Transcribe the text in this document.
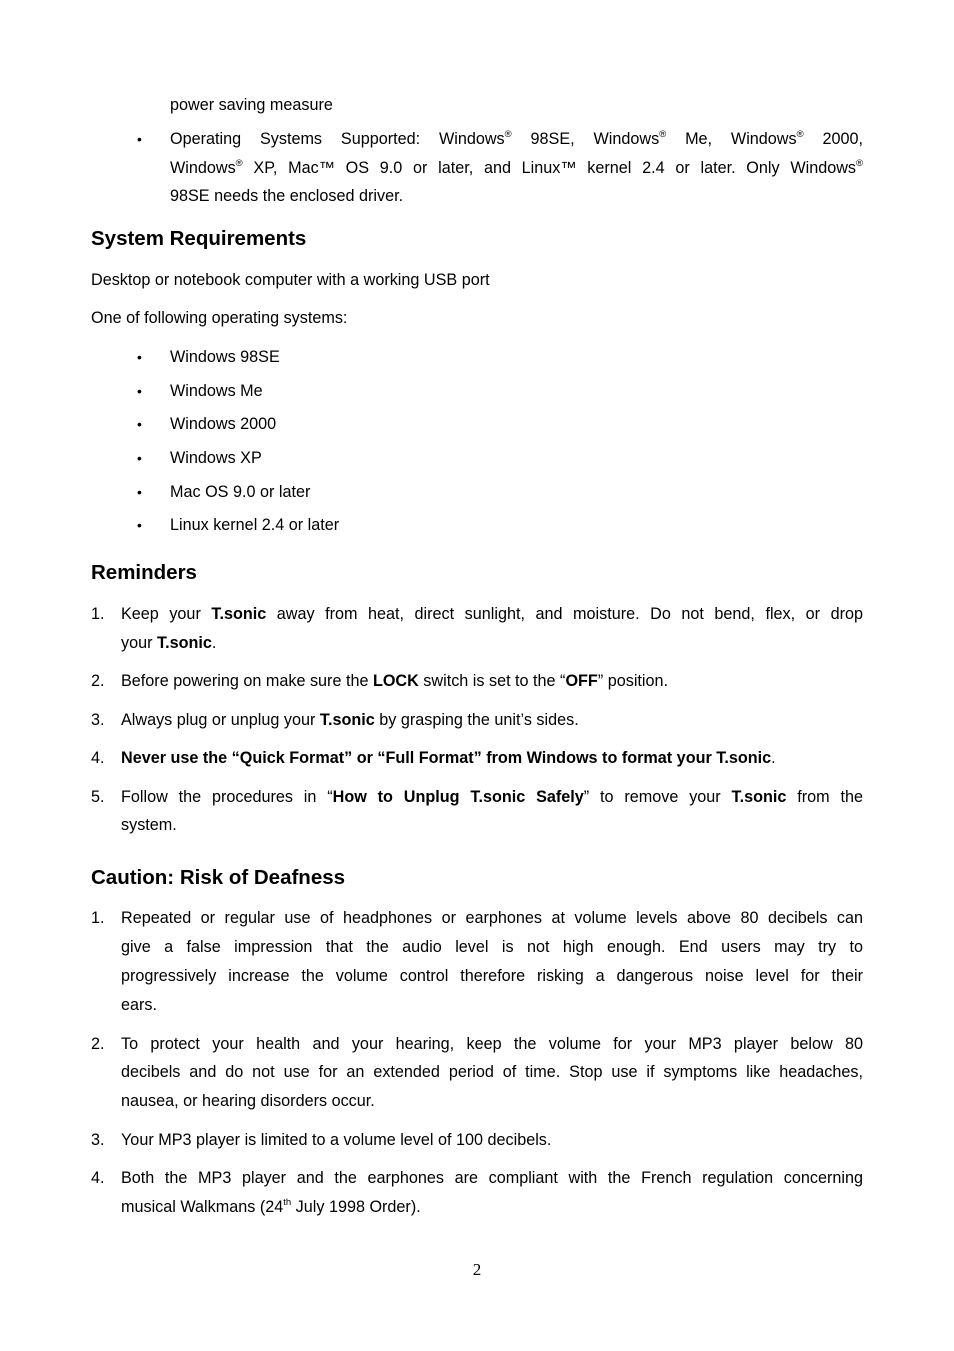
power saving measure
• Operating Systems Supported: Windows® 98SE, Windows® Me, Windows® 2000,
Windows® XP, Mac™ OS 9.0 or later, and Linux™ kernel 2.4 or later. Only Windows®
98SE needs the enclosed driver.
System Requirements
Desktop or notebook computer with a working USB port
One of following operating systems:
• Windows 98SE
• Windows Me
• Windows 2000
• Windows XP
• Mac OS 9.0 or later
• Linux kernel 2.4 or later
Reminders
1. Keep your T.sonic away from heat, direct sunlight, and moisture. Do not bend, flex, or drop
your T.sonic.
2. Before powering on make sure the LOCK switch is set to the “OFF” position.
3. Always plug or unplug your T.sonic by grasping the unit’s sides.
4. Never use the “Quick Format” or “Full Format” from Windows to format your T.sonic.
5. Follow the procedures in “How to Unplug T.sonic Safely” to remove your T.sonic from the
system.
Caution: Risk of Deafness
1. Repeated or regular use of headphones or earphones at volume levels above 80 decibels can
give a false impression that the audio level is not high enough. End users may try to
progressively increase the volume control therefore risking a dangerous noise level for their
ears.
2. To protect your health and your hearing, keep the volume for your MP3 player below 80
decibels and do not use for an extended period of time. Stop use if symptoms like headaches,
nausea, or hearing disorders occur.
3. Your MP3 player is limited to a volume level of 100 decibels.
4. Both the MP3 player and the earphones are compliant with the French regulation concerning
musical Walkmans (24th July 1998 Order).
2
